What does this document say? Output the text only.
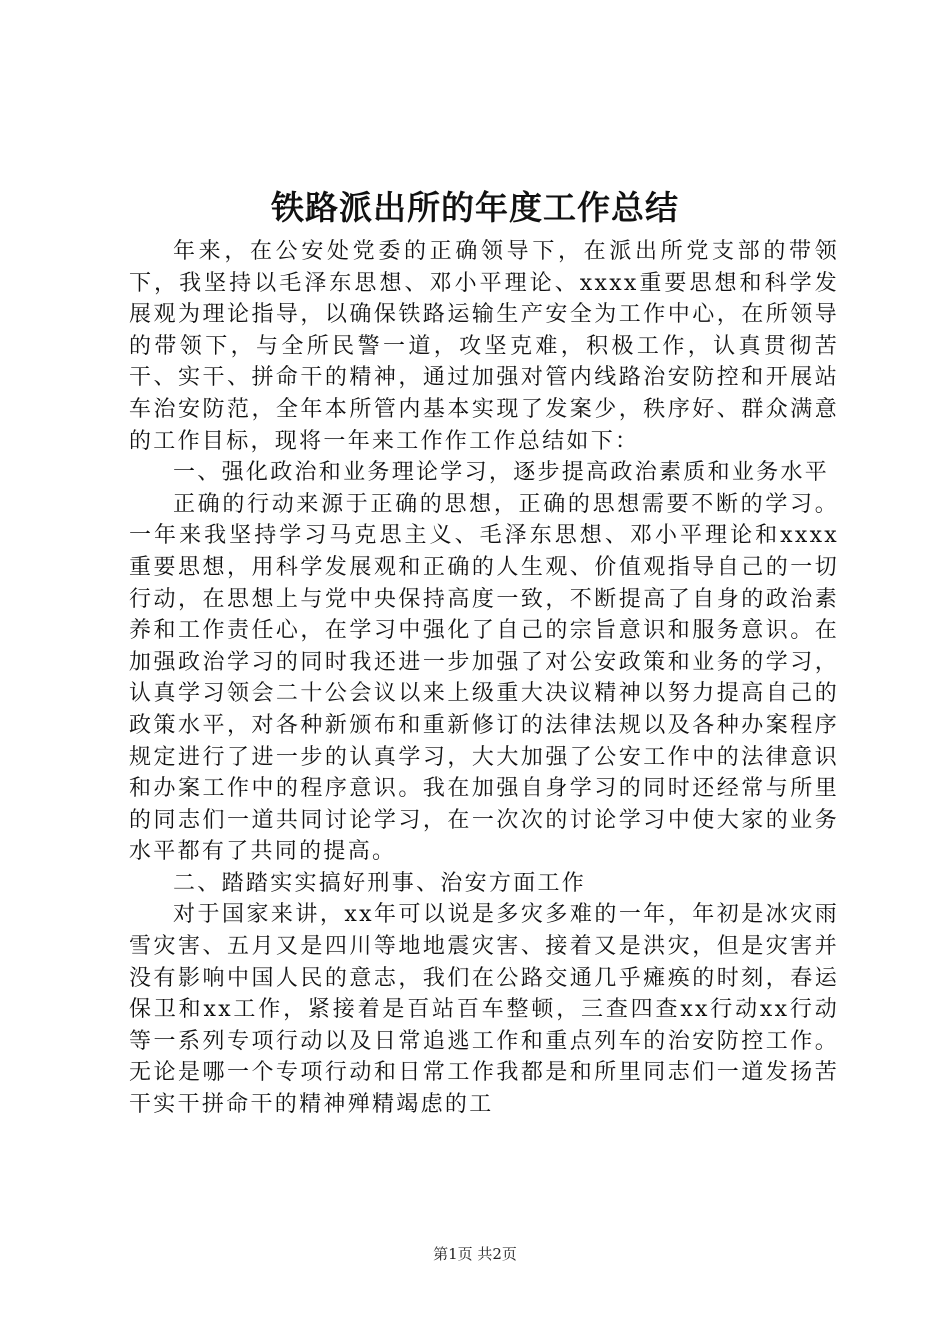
铁路派出所的年度工作总结

年来，在公安处党委的正确领导下，在派出所党支部的带领下，我坚持以毛泽东思想、邓小平理论、xxxx重要思想和科学发展观为理论指导，以确保铁路运输生产安全为工作中心，在所领导的带领下，与全所民警一道，攻坚克难，积极工作，认真贯彻苦干、实干、拼命干的精神，通过加强对管内线路治安防控和开展站车治安防范，全年本所管内基本实现了发案少，秩序好、群众满意的工作目标，现将一年来工作作工作总结如下：

一、强化政治和业务理论学习，逐步提高政治素质和业务水平

正确的行动来源于正确的思想，正确的思想需要不断的学习。一年来我坚持学习马克思主义、毛泽东思想、邓小平理论和xxxx重要思想，用科学发展观和正确的人生观、价值观指导自己的一切行动，在思想上与党中央保持高度一致，不断提高了自身的政治素养和工作责任心，在学习中强化了自己的宗旨意识和服务意识。在加强政治学习的同时我还进一步加强了对公安政策和业务的学习，认真学习领会二十公会议以来上级重大决议精神以努力提高自己的政策水平，对各种新颁布和重新修订的法律法规以及各种办案程序规定进行了进一步的认真学习，大大加强了公安工作中的法律意识和办案工作中的程序意识。我在加强自身学习的同时还经常与所里的同志们一道共同讨论学习，在一次次的讨论学习中使大家的业务水平都有了共同的提高。

二、踏踏实实搞好刑事、治安方面工作

对于国家来讲，xx年可以说是多灾多难的一年，年初是冰灾雨雪灾害、五月又是四川等地地震灾害、接着又是洪灾，但是灾害并没有影响中国人民的意志，我们在公路交通几乎瘫痪的时刻，春运保卫和xx工作，紧接着是百站百车整顿，三查四查xx行动xx行动等一系列专项行动以及日常追逃工作和重点列车的治安防控工作。无论是哪一个专项行动和日常工作我都是和所里同志们一道发扬苦干实干拼命干的精神殚精竭虑的工

第1页 共2页
